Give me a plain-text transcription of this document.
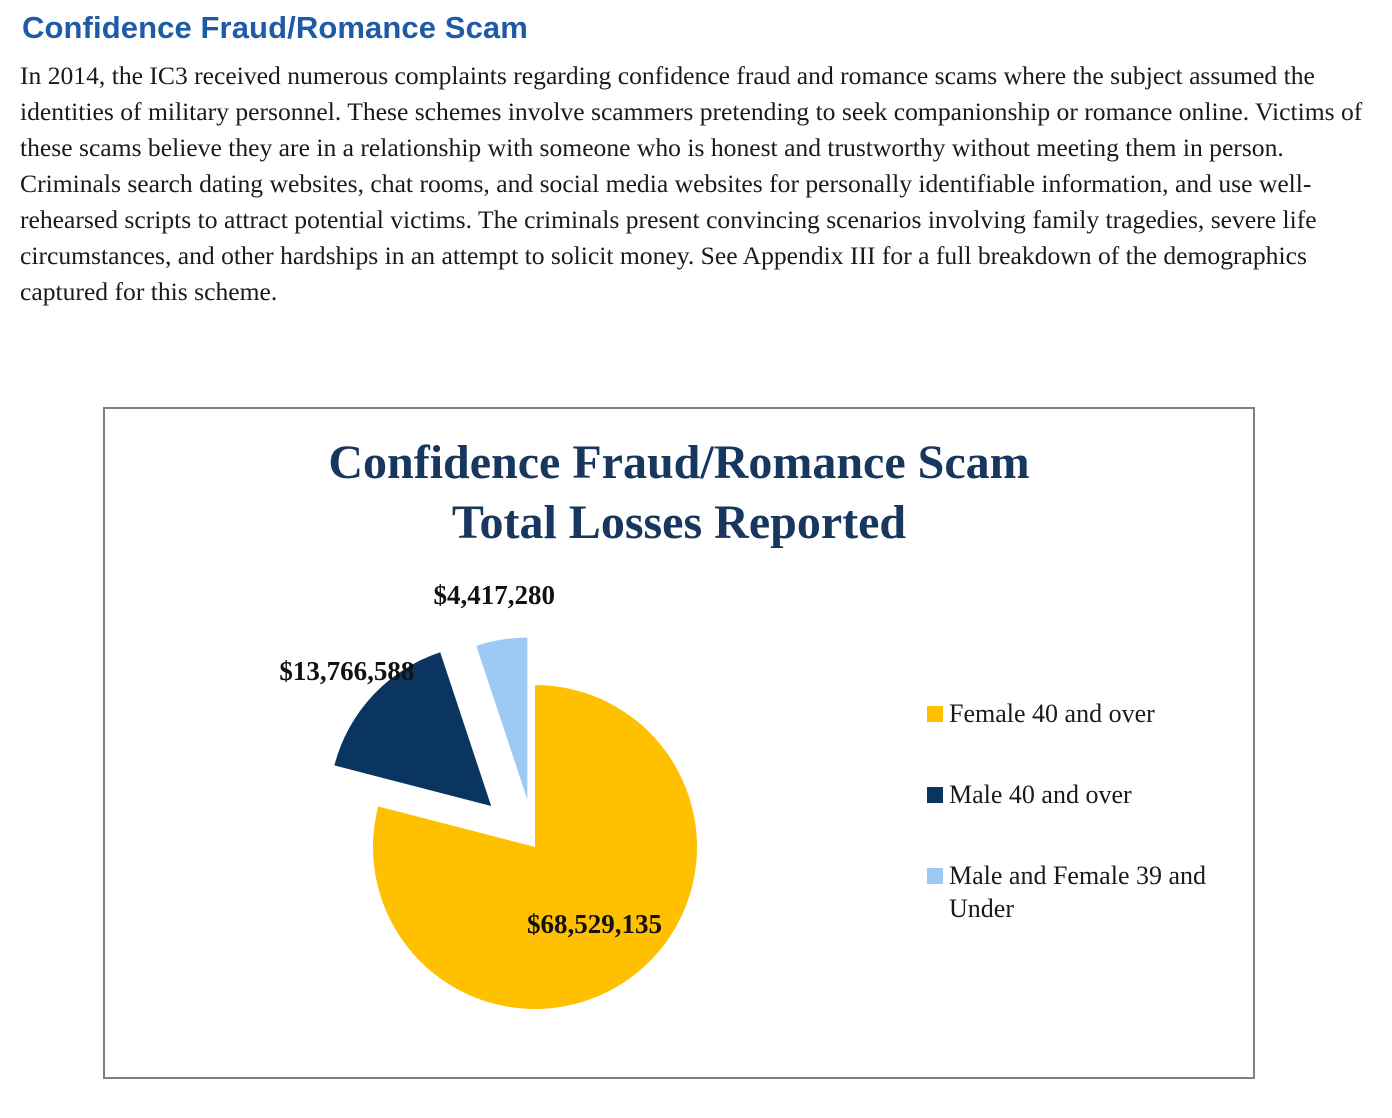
Confidence Fraud/Romance Scam

In 2014, the IC3 received numerous complaints regarding confidence fraud and romance scams where the subject assumed the identities of military personnel. These schemes involve scammers pretending to seek companionship or romance online. Victims of these scams believe they are in a relationship with someone who is honest and trustworthy without meeting them in person. Criminals search dating websites, chat rooms, and social media websites for personally identifiable information, and use well-rehearsed scripts to attract potential victims. The criminals present convincing scenarios involving family tragedies, severe life circumstances, and other hardships in an attempt to solicit money. See Appendix III for a full breakdown of the demographics captured for this scheme.

Confidence Fraud/Romance Scam
Total Losses Reported
$68,529,135
$13,766,588
$4,417,280
Female 40 and over
Male 40 and over
Male and Female 39 and Under
